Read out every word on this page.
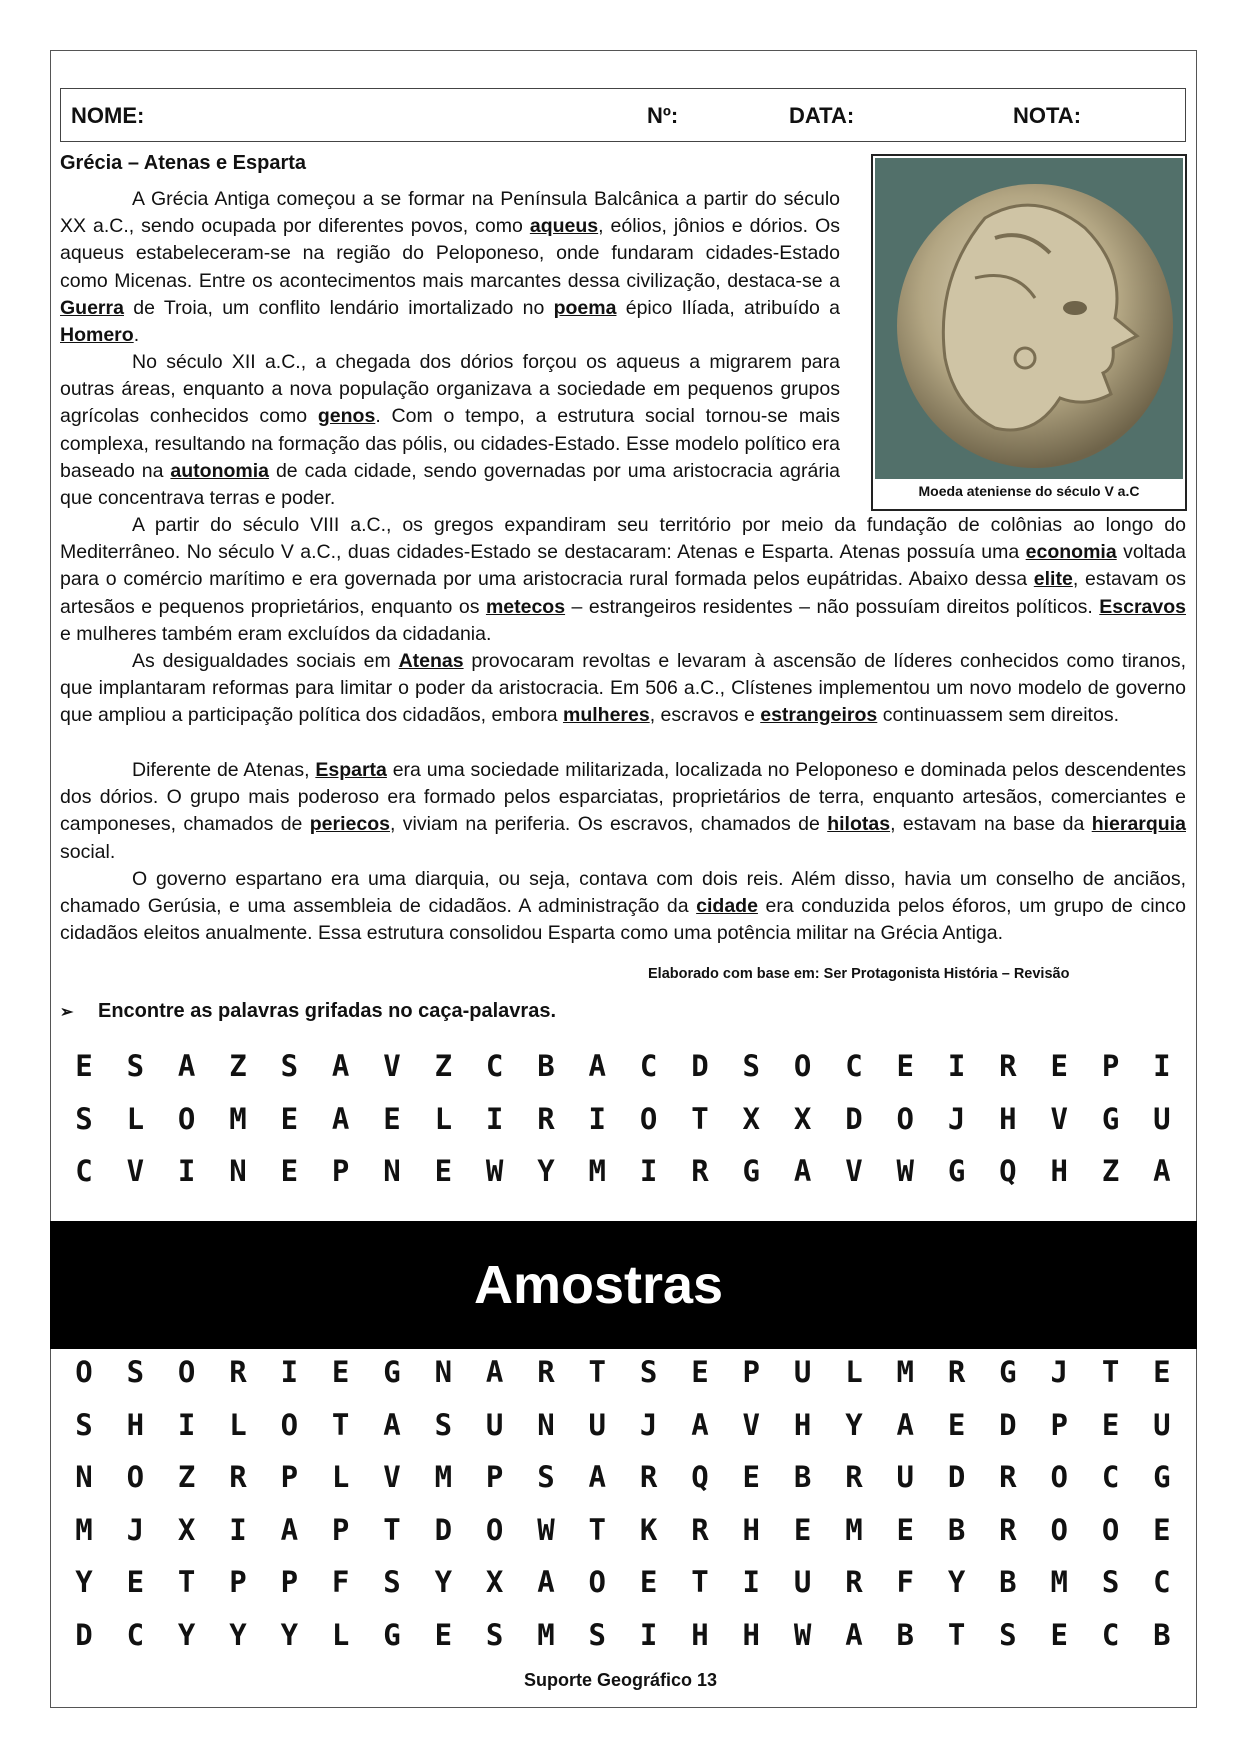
NOME:	Nº:	DATA:	NOTA:
Grécia – Atenas e Esparta
Moeda ateniense do século V a.C

A Grécia Antiga começou a se formar na Península Balcânica a partir do século XX a.C., sendo ocupada por diferentes povos, como aqueus, eólios, jônios e dórios. Os aqueus estabeleceram-se na região do Peloponeso, onde fundaram cidades-Estado como Micenas. Entre os acontecimentos mais marcantes dessa civilização, destaca-se a Guerra de Troia, um conflito lendário imortalizado no poema épico Ilíada, atribuído a Homero.

No século XII a.C., a chegada dos dórios forçou os aqueus a migrarem para outras áreas, enquanto a nova população organizava a sociedade em pequenos grupos agrícolas conhecidos como genos. Com o tempo, a estrutura social tornou-se mais complexa, resultando na formação das pólis, ou cidades-Estado. Esse modelo político era baseado na autonomia de cada cidade, sendo governadas por uma aristocracia agrária que concentrava terras e poder.

A partir do século VIII a.C., os gregos expandiram seu território por meio da fundação de colônias ao longo do Mediterrâneo. No século V a.C., duas cidades-Estado se destacaram: Atenas e Esparta. Atenas possuía uma economia voltada para o comércio marítimo e era governada por uma aristocracia rural formada pelos eupátridas. Abaixo dessa elite, estavam os artesãos e pequenos proprietários, enquanto os metecos – estrangeiros residentes – não possuíam direitos políticos. Escravos e mulheres também eram excluídos da cidadania.

As desigualdades sociais em Atenas provocaram revoltas e levaram à ascensão de líderes conhecidos como tiranos, que implantaram reformas para limitar o poder da aristocracia. Em 506 a.C., Clístenes implementou um novo modelo de governo que ampliou a participação política dos cidadãos, embora mulheres, escravos e estrangeiros continuassem sem direitos.

Diferente de Atenas, Esparta era uma sociedade militarizada, localizada no Peloponeso e dominada pelos descendentes dos dórios. O grupo mais poderoso era formado pelos esparciatas, proprietários de terra, enquanto artesãos, comerciantes e camponeses, chamados de periecos, viviam na periferia. Os escravos, chamados de hilotas, estavam na base da hierarquia social.

O governo espartano era uma diarquia, ou seja, contava com dois reis. Além disso, havia um conselho de anciãos, chamado Gerúsia, e uma assembleia de cidadãos. A administração da cidade era conduzida pelos éforos, um grupo de cinco cidadãos eleitos anualmente. Essa estrutura consolidou Esparta como uma potência militar na Grécia Antiga.

Elaborado com base em: Ser Protagonista História – Revisão
➢ Encontre as palavras grifadas no caça-palavras.
E	S	A	Z	S	A	V	Z	C	B	A	C	D	S	O	C	E	I	R	E	P	I
S	L	O	M	E	A	E	L	I	R	I	O	T	X	X	D	O	J	H	V	G	U
C	V	I	N	E	P	N	E	W	Y	M	I	R	G	A	V	W	G	Q	H	Z	A
Amostras
O	S	O	R	I	E	G	N	A	R	T	S	E	P	U	L	M	R	G	J	T	E
S	H	I	L	O	T	A	S	U	N	U	J	A	V	H	Y	A	E	D	P	E	U
N	O	Z	R	P	L	V	M	P	S	A	R	Q	E	B	R	U	D	R	O	C	G
M	J	X	I	A	P	T	D	O	W	T	K	R	H	E	M	E	B	R	O	O	E
Y	E	T	P	P	F	S	Y	X	A	O	E	T	I	U	R	F	Y	B	M	S	C
D	C	Y	Y	Y	L	G	E	S	M	S	I	H	H	W	A	B	T	S	E	C	B
Suporte Geográfico 13
